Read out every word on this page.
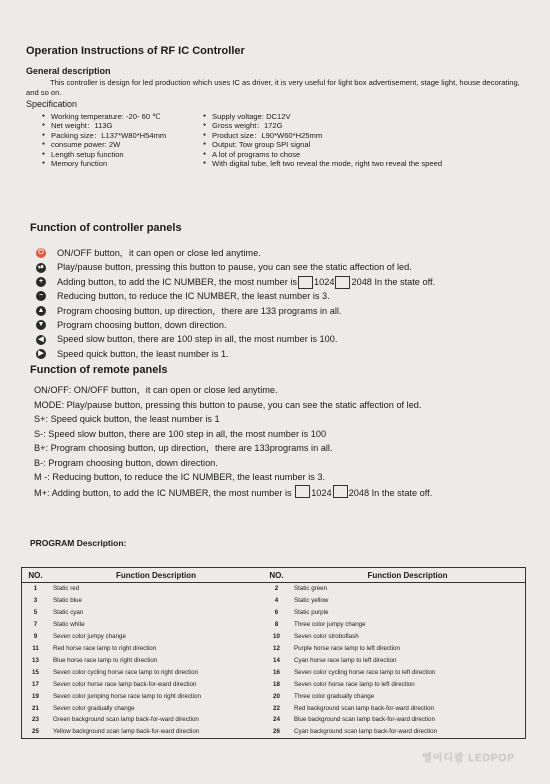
Operation Instructions of RF IC Controller
General description
This controller is design for led production which uses IC as driver, it is very useful for light box advertisement, stage light, house decorating, and so on.
Specification
● Working temperature: -20- 60 ℃
● Net weight：113G
● Packing size：L137*W80*H54mm
● consume power: 2W
● Length setup function
● Memory function
● Supply voltage: DC12V
● Gross weight：172G
● Product size：L90*W60*H25mm
● Output: Tow group SPI signal
● A lot of programs to chose
● With digital tube, left two reveal the mode, right two reveal the speed
Function of controller panels
⏻ ON/OFF button，it can open or close led anytime.
⏯ Play/pause button, pressing this button to pause, you can see the static affection of led.
+	Adding button, to add the IC NUMBER, the most number is 1024 2048 In the state off.
−	Reducing button, to reduce the IC NUMBER, the least number is 3.
▲ Program choosing button, up direction，there are 133 programs in all.
▼ Program choosing button, down direction.
◀ Speed slow button, there are 100 step in all, the most number is 100.
▶ Speed quick button, the least number is 1.
Function of remote panels
ON/OFF: ON/OFF button，it can open or close led anytime.
MODE: Play/pause button, pressing this button to pause, you can see the static affection of led.
S+: Speed quick button, the least number is 1
S-: Speed slow button, there are 100 step in all, the most number is 100
B+: Program choosing button, up direction，there are 133programs in all.
B-: Program choosing button, down direction.
M -: Reducing button, to reduce the IC NUMBER, the least number is 3.
M+: Adding button, to add the IC NUMBER, the most number is 1024 2048 In the state off.
PROGRAM Description:
NO.	Function Description	NO.	Function Description
1	Static red	2	Static green
3	Static blue	4	Static yellow
5	Static cyan	6	Static purple
7	Static white	8	Three color jumpy change
9	Seven color jumpy change	10	Seven color stroboflash
11	Red horse race lamp to right direction	12	Purple horse race lamp to left direction
13	Blue horse race lamp to right direction	14	Cyan horse race lamp to left direction
15	Seven color cycling horse race lamp to right direction	16	Seven color cycling horse race lamp to left direction
17	Seven color horse race lamp back-for-ward direction	18	Seven color horse race lamp to left direction
19	Seven color jumping horse race lamp to right direction	20	Three color gradually change
21	Seven color gradually change	22	Red background scan lamp back-for-ward direction
23	Green background scan lamp back-for-ward direction	24	Blue background scan lamp back-for-ward direction
25	Yellow background scan lamp back-for-ward direction	26	Cyan background scan lamp back-for-ward direction
엘이디팝 LEDPOP
